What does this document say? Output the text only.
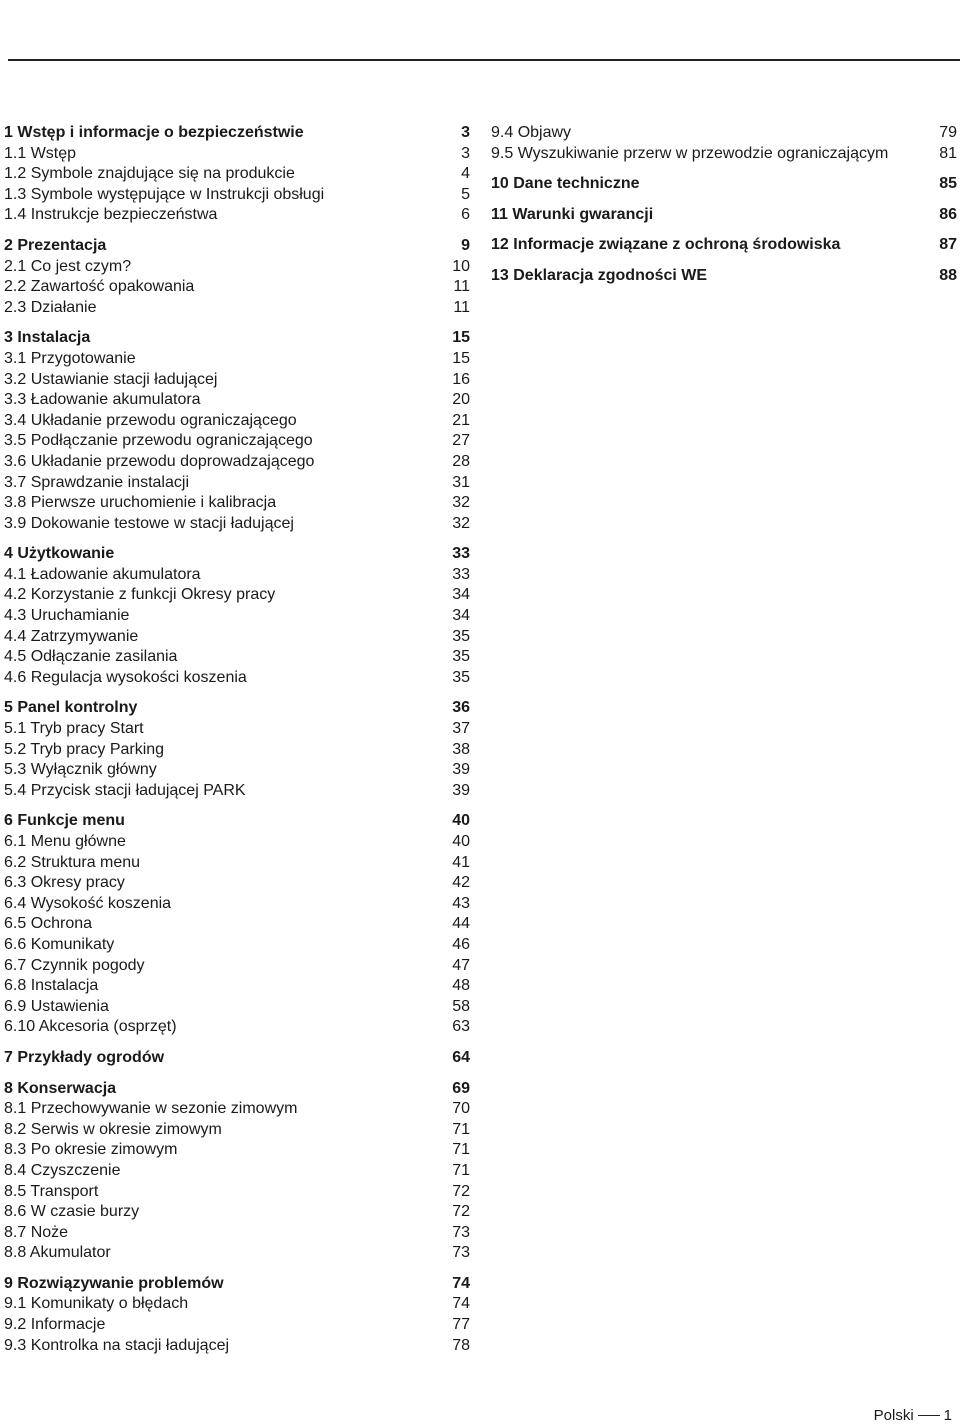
1 Wstęp i informacje o bezpieczeństwie	3
1.1 Wstęp	3
1.2 Symbole znajdujące się na produkcie	4
1.3 Symbole występujące w Instrukcji obsługi	5
1.4 Instrukcje bezpieczeństwa	6
2 Prezentacja	9
2.1 Co jest czym?	10
2.2 Zawartość opakowania	11
2.3 Działanie	11
3 Instalacja	15
3.1 Przygotowanie	15
3.2 Ustawianie stacji ładującej	16
3.3 Ładowanie akumulatora	20
3.4 Układanie przewodu ograniczającego	21
3.5 Podłączanie przewodu ograniczającego	27
3.6 Układanie przewodu doprowadzającego	28
3.7 Sprawdzanie instalacji	31
3.8 Pierwsze uruchomienie i kalibracja	32
3.9 Dokowanie testowe w stacji ładującej	32
4 Użytkowanie	33
4.1 Ładowanie akumulatora	33
4.2 Korzystanie z funkcji Okresy pracy	34
4.3 Uruchamianie	34
4.4 Zatrzymywanie	35
4.5 Odłączanie zasilania	35
4.6 Regulacja wysokości koszenia	35
5 Panel kontrolny	36
5.1 Tryb pracy Start	37
5.2 Tryb pracy Parking	38
5.3 Wyłącznik główny	39
5.4 Przycisk stacji ładującej PARK	39
6 Funkcje menu	40
6.1 Menu główne	40
6.2 Struktura menu	41
6.3 Okresy pracy	42
6.4 Wysokość koszenia	43
6.5 Ochrona	44
6.6 Komunikaty	46
6.7 Czynnik pogody	47
6.8 Instalacja	48
6.9 Ustawienia	58
6.10 Akcesoria (osprzęt)	63
7 Przykłady ogrodów	64
8 Konserwacja	69
8.1 Przechowywanie w sezonie zimowym	70
8.2 Serwis w okresie zimowym	71
8.3 Po okresie zimowym	71
8.4 Czyszczenie	71
8.5 Transport	72
8.6 W czasie burzy	72
8.7 Noże	73
8.8 Akumulator	73
9 Rozwiązywanie problemów	74
9.1 Komunikaty o błędach	74
9.2 Informacje	77
9.3 Kontrolka na stacji ładującej	78
9.4 Objawy	79
9.5 Wyszukiwanie przerw w przewodzie ograniczającym	81
10 Dane techniczne	85
11 Warunki gwarancji	86
12 Informacje związane z ochroną środowiska	87
13 Deklaracja zgodności WE	88
Polski 1
